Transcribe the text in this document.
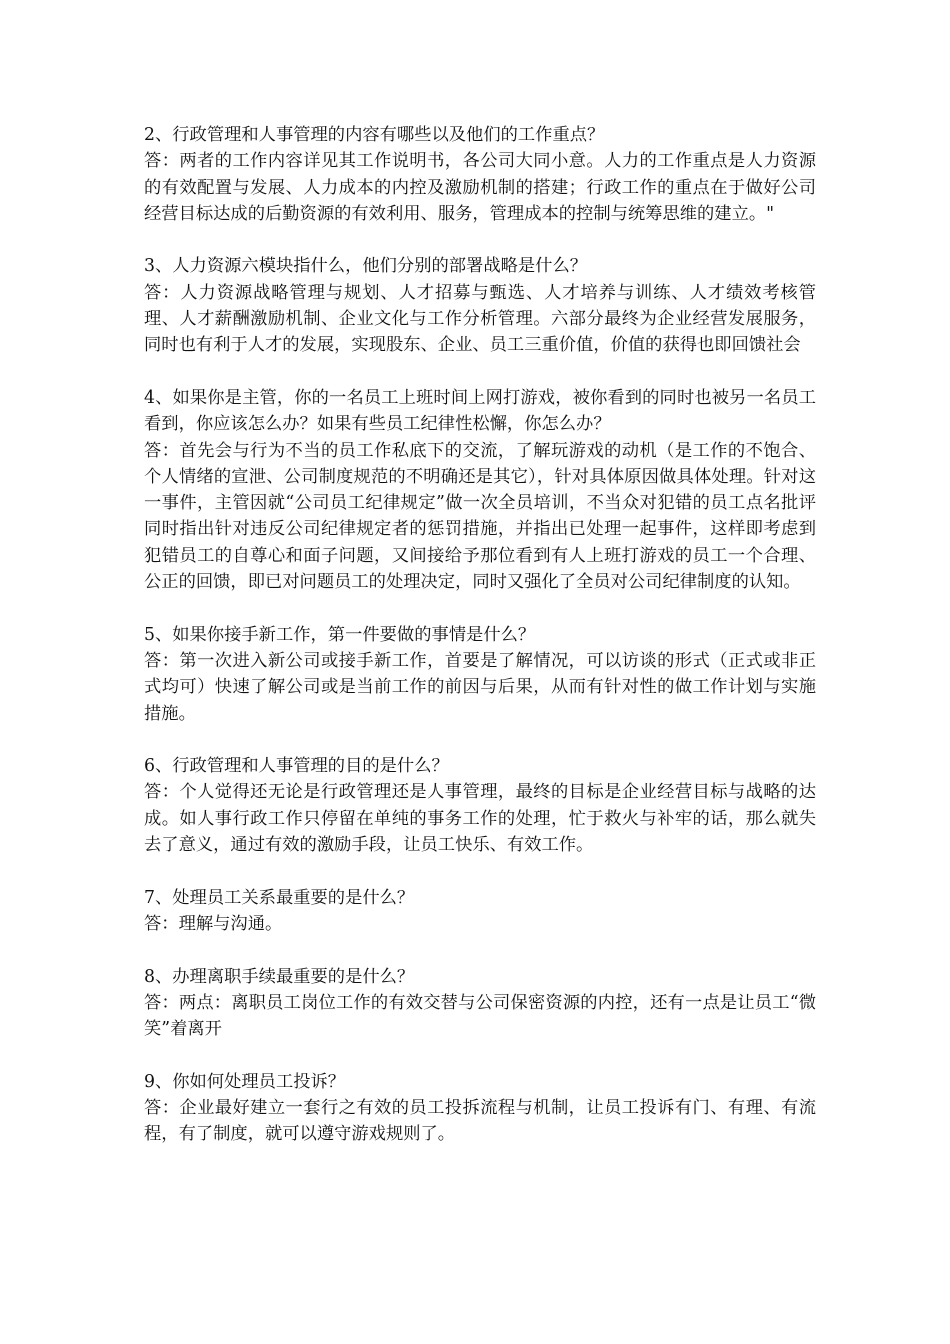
2、行政管理和人事管理的内容有哪些以及他们的工作重点？

答：两者的工作内容详见其工作说明书，各公司大同小意。人力的工作重点是人力资源的有效配置与发展、人力成本的内控及激励机制的搭建；行政工作的重点在于做好公司经营目标达成的后勤资源的有效利用、服务，管理成本的控制与统筹思维的建立。"

3、人力资源六模块指什么，他们分别的部署战略是什么？

答：人力资源战略管理与规划、人才招募与甄选、人才培养与训练、人才绩效考核管理、人才薪酬激励机制、企业文化与工作分析管理。六部分最终为企业经营发展服务，同时也有利于人才的发展，实现股东、企业、员工三重价值，价值的获得也即回馈社会

4、如果你是主管，你的一名员工上班时间上网打游戏，被你看到的同时也被另一名员工看到，你应该怎么办？如果有些员工纪律性松懈，你怎么办？

答：首先会与行为不当的员工作私底下的交流，了解玩游戏的动机（是工作的不饱合、个人情绪的宣泄、公司制度规范的不明确还是其它），针对具体原因做具体处理。针对这一事件，主管因就“公司员工纪律规定”做一次全员培训，不当众对犯错的员工点名批评同时指出针对违反公司纪律规定者的惩罚措施，并指出已处理一起事件，这样即考虑到犯错员工的自尊心和面子问题，又间接给予那位看到有人上班打游戏的员工一个合理、公正的回馈，即已对问题员工的处理决定，同时又强化了全员对公司纪律制度的认知。

5、如果你接手新工作，第一件要做的事情是什么？

答：第一次进入新公司或接手新工作，首要是了解情况，可以访谈的形式（正式或非正式均可）快速了解公司或是当前工作的前因与后果，从而有针对性的做工作计划与实施措施。

6、行政管理和人事管理的目的是什么？

答：个人觉得还无论是行政管理还是人事管理，最终的目标是企业经营目标与战略的达成。如人事行政工作只停留在单纯的事务工作的处理，忙于救火与补牢的话，那么就失去了意义，通过有效的激励手段，让员工快乐、有效工作。

7、处理员工关系最重要的是什么？

答：理解与沟通。

8、办理离职手续最重要的是什么？

答：两点：离职员工岗位工作的有效交替与公司保密资源的内控，还有一点是让员工“微笑”着离开

9、你如何处理员工投诉？

答：企业最好建立一套行之有效的员工投拆流程与机制，让员工投诉有门、有理、有流程，有了制度，就可以遵守游戏规则了。
